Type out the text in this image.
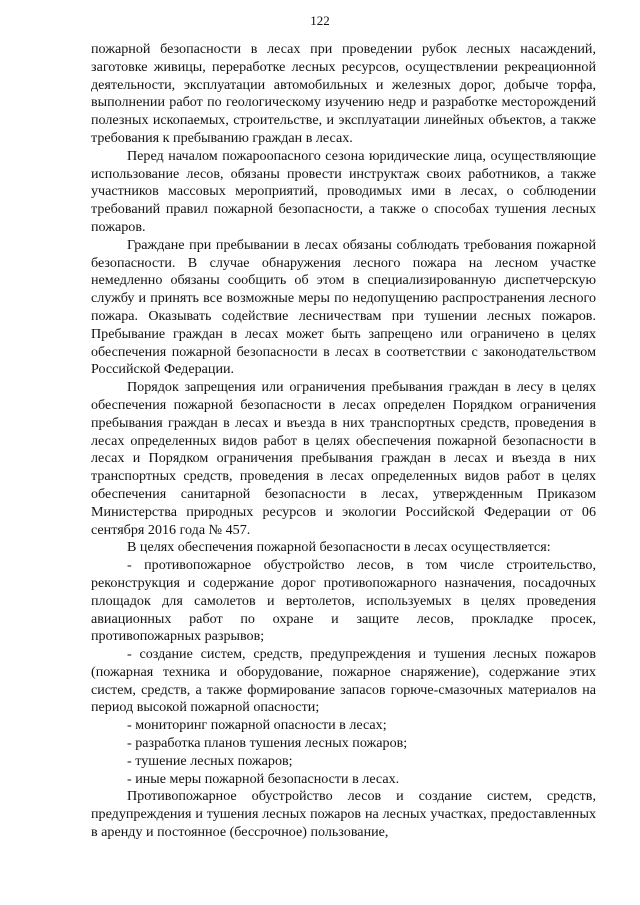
122

пожарной безопасности в лесах при проведении рубок лесных насаждений, заготовке живицы, переработке лесных ресурсов, осуществлении рекреационной деятельности, эксплуатации автомобильных и железных дорог, добыче торфа, выполнении работ по геологическому изучению недр и разработке месторождений полезных ископаемых, строительстве, и эксплуатации линейных объектов, а также требования к пребыванию граждан в лесах.

Перед началом пожароопасного сезона юридические лица, осуществляющие использование лесов, обязаны провести инструктаж своих работников, а также участников массовых мероприятий, проводимых ими в лесах, о соблюдении требований правил пожарной безопасности, а также о способах тушения лесных пожаров.

Граждане при пребывании в лесах обязаны соблюдать требования пожарной безопасности. В случае обнаружения лесного пожара на лесном участке немедленно обязаны сообщить об этом в специализированную диспетчерскую службу и принять все возможные меры по недопущению распространения лесного пожара. Оказывать содействие лесничествам при тушении лесных пожаров. Пребывание граждан в лесах может быть запрещено или ограничено в целях обеспечения пожарной безопасности в лесах в соответствии с законодательством Российской Федерации.

Порядок запрещения или ограничения пребывания граждан в лесу в целях обеспечения пожарной безопасности в лесах определен Порядком ограничения пребывания граждан в лесах и въезда в них транспортных средств, проведения в лесах определенных видов работ в целях обеспечения пожарной безопасности в лесах и Порядком ограничения пребывания граждан в лесах и въезда в них транспортных средств, проведения в лесах определенных видов работ в целях обеспечения санитарной безопасности в лесах, утвержденным Приказом Министерства природных ресурсов и экологии Российской Федерации от 06 сентября 2016 года № 457.

В целях обеспечения пожарной безопасности в лесах осуществляется:

- противопожарное обустройство лесов, в том числе строительство, реконструкция и содержание дорог противопожарного назначения, посадочных площадок для самолетов и вертолетов, используемых в целях проведения авиационных работ по охране и защите лесов, прокладке просек, противопожарных разрывов;

- создание систем, средств, предупреждения и тушения лесных пожаров (пожарная техника и оборудование, пожарное снаряжение), содержание этих систем, средств, а также формирование запасов горюче-смазочных материалов на период высокой пожарной опасности;

- мониторинг пожарной опасности в лесах;

- разработка планов тушения лесных пожаров;

- тушение лесных пожаров;

- иные меры пожарной безопасности в лесах.

Противопожарное обустройство лесов и создание систем, средств, предупреждения и тушения лесных пожаров на лесных участках, предоставленных в аренду и постоянное (бессрочное) пользование,
